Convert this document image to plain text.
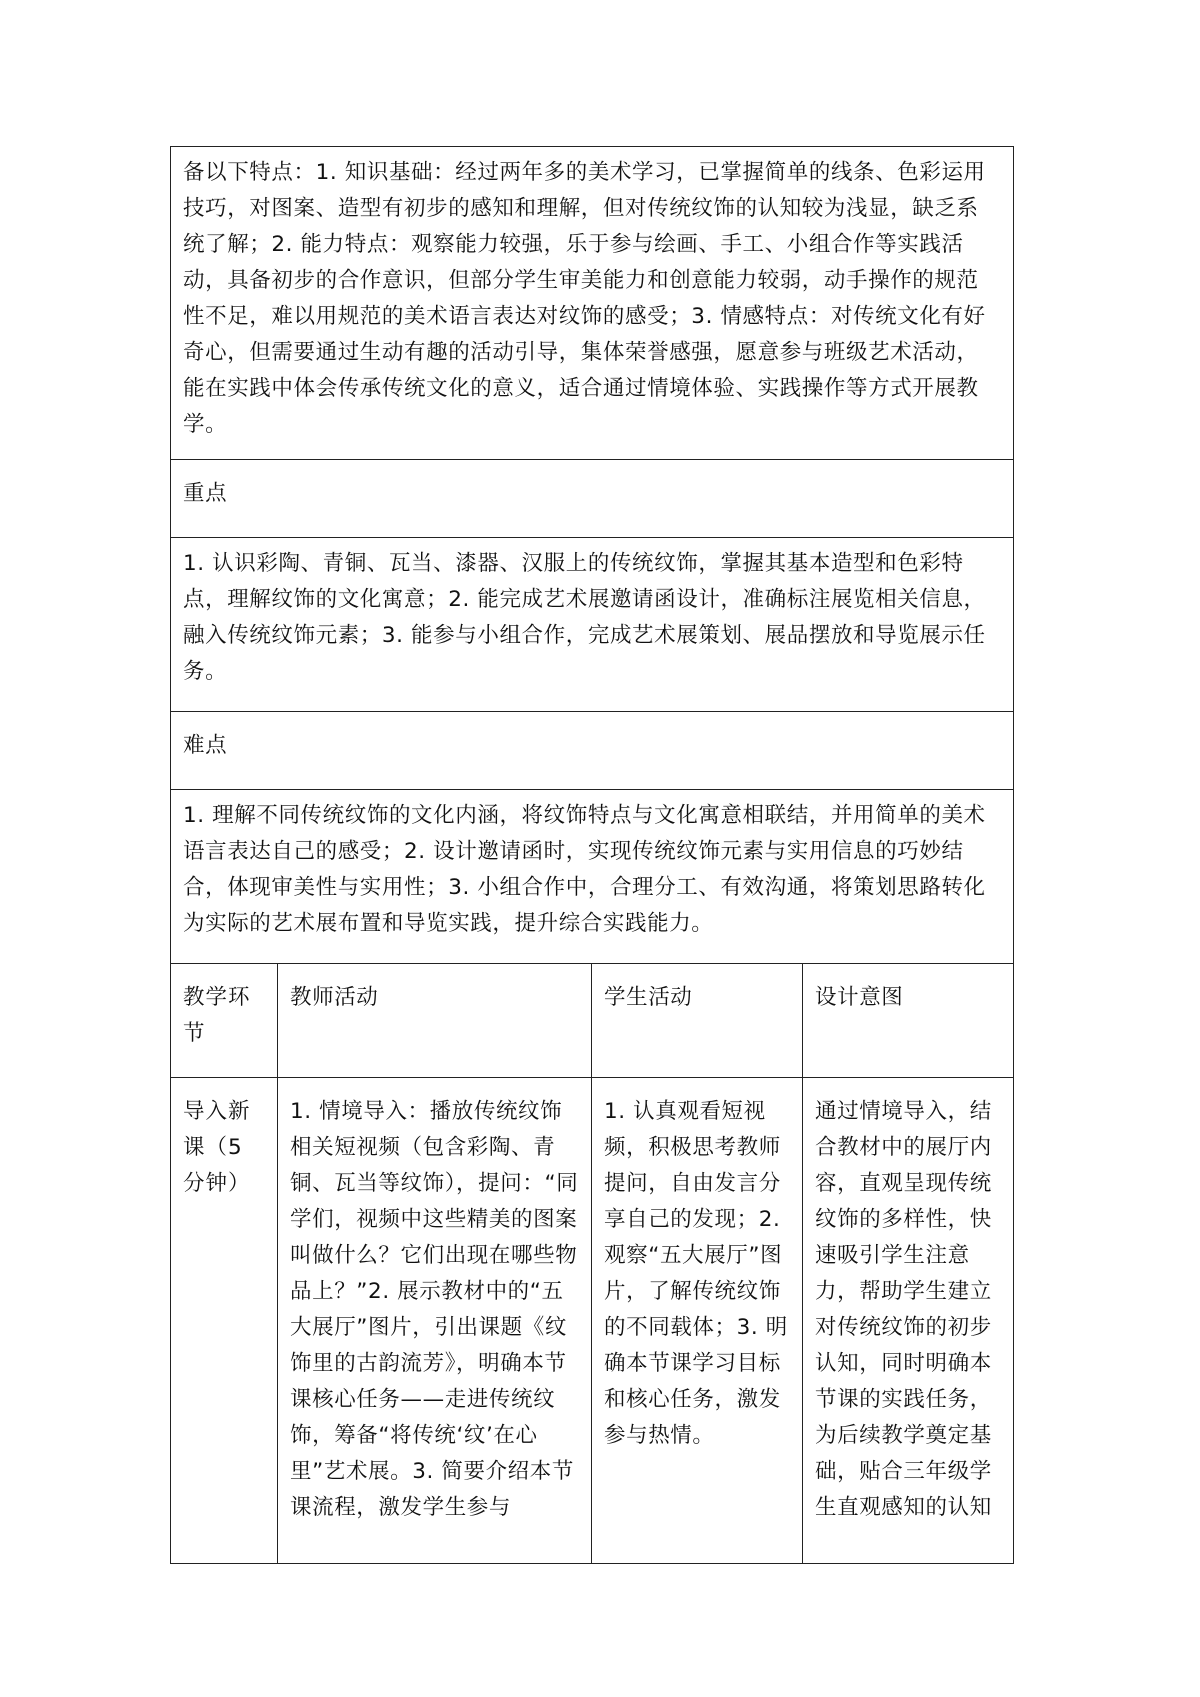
备以下特点：1. 知识基础：经过两年多的美术学习，已掌握简单的线条、色彩运用技巧，对图案、造型有初步的感知和理解，但对传统纹饰的认知较为浅显，缺乏系统了解；2. 能力特点：观察能力较强，乐于参与绘画、手工、小组合作等实践活动，具备初步的合作意识，但部分学生审美能力和创意能力较弱，动手操作的规范性不足，难以用规范的美术语言表达对纹饰的感受；3. 情感特点：对传统文化有好奇心，但需要通过生动有趣的活动引导，集体荣誉感强，愿意参与班级艺术活动，能在实践中体会传承传统文化的意义，适合通过情境体验、实践操作等方式开展教学。			
重点			
1. 认识彩陶、青铜、瓦当、漆器、汉服上的传统纹饰，掌握其基本造型和色彩特点，理解纹饰的文化寓意；2. 能完成艺术展邀请函设计，准确标注展览相关信息，融入传统纹饰元素；3. 能参与小组合作，完成艺术展策划、展品摆放和导览展示任务。			
难点			
1. 理解不同传统纹饰的文化内涵，将纹饰特点与文化寓意相联结，并用简单的美术语言表达自己的感受；2. 设计邀请函时，实现传统纹饰元素与实用信息的巧妙结合，体现审美性与实用性；3. 小组合作中，合理分工、有效沟通，将策划思路转化为实际的艺术展布置和导览实践，提升综合实践能力。			
教学环节	教师活动	学生活动	设计意图
导入新课（5分钟）	1. 情境导入：播放传统纹饰相关短视频（包含彩陶、青铜、瓦当等纹饰），提问：“同学们，视频中这些精美的图案叫做什么？它们出现在哪些物品上？”2. 展示教材中的“五大展厅”图片，引出课题《纹饰里的古韵流芳》，明确本节课核心任务——走进传统纹饰，筹备“将传统‘纹’在心里”艺术展。3. 简要介绍本节课流程，激发学生参与	1. 认真观看短视频，积极思考教师提问，自由发言分享自己的发现；2. 观察“五大展厅”图片，了解传统纹饰的不同载体；3. 明确本节课学习目标和核心任务，激发参与热情。	通过情境导入，结合教材中的展厅内容，直观呈现传统纹饰的多样性，快速吸引学生注意力，帮助学生建立对传统纹饰的初步认知，同时明确本节课的实践任务，为后续教学奠定基础，贴合三年级学生直观感知的认知
